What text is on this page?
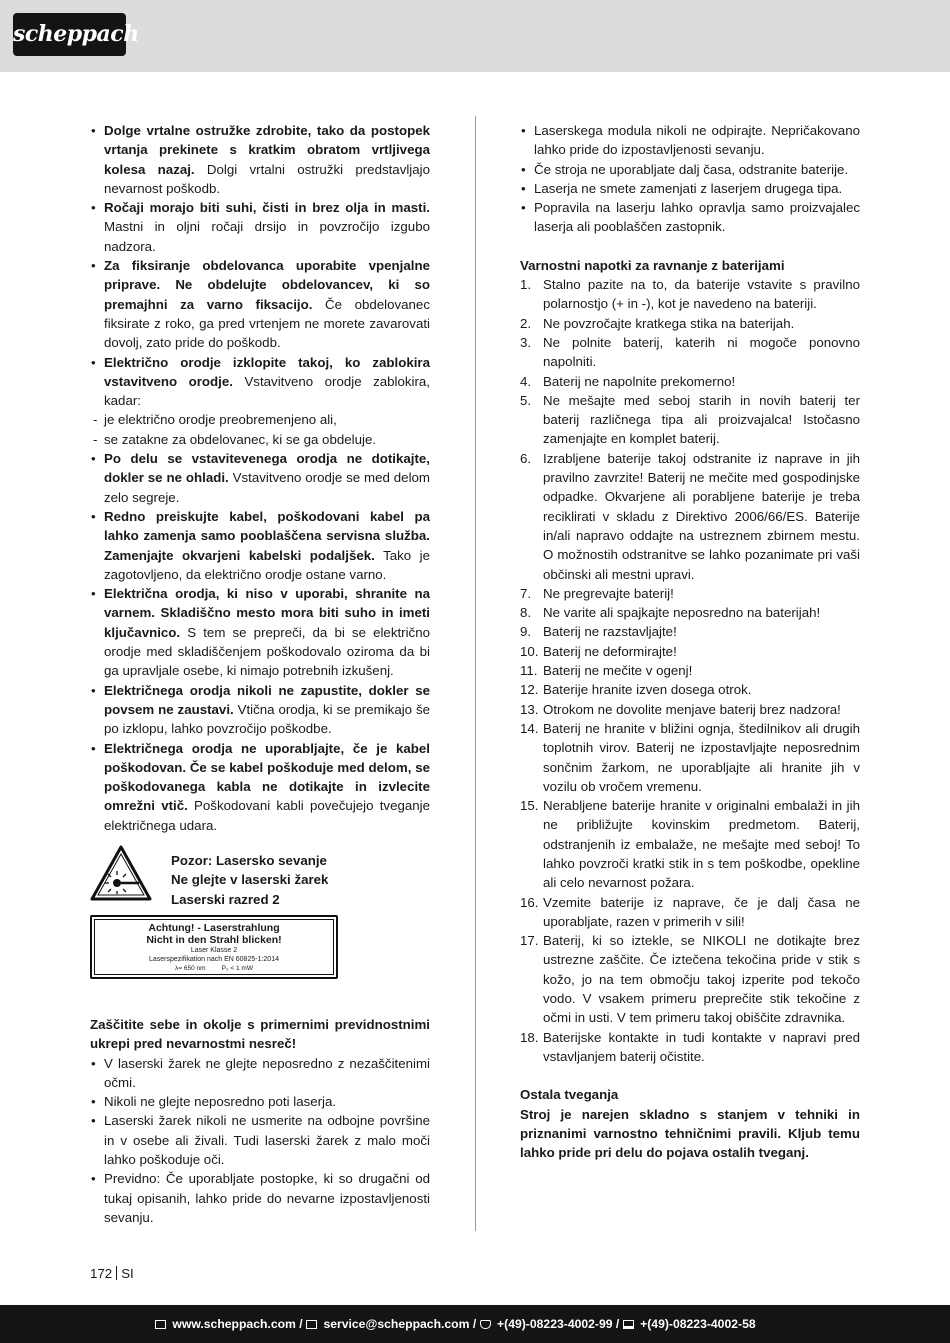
scheppach
• Dolge vrtalne ostružke zdrobite, tako da postopek vrtanja prekinete s kratkim obratom vrtljivega kolesa nazaj. Dolgi vrtalni ostružki predstavljajo nevarnost poškodb.
• Ročaji morajo biti suhi, čisti in brez olja in masti. Mastni in oljni ročaji drsijo in povzročijo izgubo nadzora.
• Za fiksiranje obdelovanca uporabite vpenjalne priprave. Ne obdelujte obdelovancev, ki so premajhni za varno fiksacijo. Če obdelovanec fiksirate z roko, ga pred vrtenjem ne morete zavarovati dovolj, zato pride do poškodb.
• Električno orodje izklopite takoj, ko zablokira vstavitveno orodje. Vstavitveno orodje zablokira, kadar:
- je električno orodje preobremenjeno ali,
- se zatakne za obdelovanec, ki se ga obdeluje.
• Po delu se vstavitevenega orodja ne dotikajte, dokler se ne ohladi. Vstavitveno orodje se med delom zelo segreje.
• Redno preiskujte kabel, poškodovani kabel pa lahko zamenja samo pooblaščena servisna služba. Zamenjajte okvarjeni kabelski podaljšek. Tako je zagotovljeno, da električno orodje ostane varno.
• Električna orodja, ki niso v uporabi, shranite na varnem. Skladiščno mesto mora biti suho in imeti ključavnico. S tem se prepreči, da bi se električno orodje med skladiščenjem poškodovalo oziroma da bi ga upravljale osebe, ki nimajo potrebnih izkušenj.
• Električnega orodja nikoli ne zapustite, dokler se povsem ne zaustavi. Vtična orodja, ki se premikajo še po izklopu, lahko povzročijo poškodbe.
• Električnega orodja ne uporabljajte, če je kabel poškodovan. Če se kabel poškoduje med delom, se poškodovanega kabla ne dotikajte in izvlecite omrežni vtič. Poškodovani kabli povečujejo tveganje električnega udara.
Pozor: Lasersko sevanje
Ne glejte v laserski žarek
Laserski razred 2
Achtung! - Laserstrahlung
Nicht in den Strahl blicken!
Laser Klasse 2
Laserspezifikation nach EN 60825-1:2014
λ= 650 nm P₀ < 1 mW
Zaščitite sebe in okolje s primernimi previdnostnimi ukrepi pred nevarnostmi nesreč!
• V laserski žarek ne glejte neposredno z nezaščitenimi očmi.
• Nikoli ne glejte neposredno poti laserja.
• Laserski žarek nikoli ne usmerite na odbojne površine in v osebe ali živali. Tudi laserski žarek z malo moči lahko poškoduje oči.
• Previdno: Če uporabljate postopke, ki so drugačni od tukaj opisanih, lahko pride do nevarne izpostavljenosti sevanju.
• Laserskega modula nikoli ne odpirajte. Nepričakovano lahko pride do izpostavljenosti sevanju.
• Če stroja ne uporabljate dalj časa, odstranite baterije.
• Laserja ne smete zamenjati z laserjem drugega tipa.
• Popravila na laserju lahko opravlja samo proizvajalec laserja ali pooblaščen zastopnik.
Varnostni napotki za ravnanje z baterijami
1. Stalno pazite na to, da baterije vstavite s pravilno polarnostjo (+ in -), kot je navedeno na bateriji.
2. Ne povzročajte kratkega stika na baterijah.
3. Ne polnite baterij, katerih ni mogoče ponovno napolniti.
4. Baterij ne napolnite prekomerno!
5. Ne mešajte med seboj starih in novih baterij ter baterij različnega tipa ali proizvajalca! Istočasno zamenjajte en komplet baterij.
6. Izrabljene baterije takoj odstranite iz naprave in jih pravilno zavrzite! Baterij ne mečite med gospodinjske odpadke. Okvarjene ali porabljene baterije je treba reciklirati v skladu z Direktivo 2006/66/ES. Baterije in/ali napravo oddajte na ustreznem zbirnem mestu. O možnostih odstranitve se lahko pozanimate pri vaši občinski ali mestni upravi.
7. Ne pregrevajte baterij!
8. Ne varite ali spajkajte neposredno na baterijah!
9. Baterij ne razstavljajte!
10. Baterij ne deformirajte!
11. Baterij ne mečite v ogenj!
12. Baterije hranite izven dosega otrok.
13. Otrokom ne dovolite menjave baterij brez nadzora!
14. Baterij ne hranite v bližini ognja, štedilnikov ali drugih toplotnih virov. Baterij ne izpostavljajte neposrednim sončnim žarkom, ne uporabljajte ali hranite jih v vozilu ob vročem vremenu.
15. Nerabljene baterije hranite v originalni embalaži in jih ne približujte kovinskim predmetom. Baterij, odstranjenih iz embalaže, ne mešajte med seboj! To lahko povzroči kratki stik in s tem poškodbe, opekline ali celo nevarnost požara.
16. Vzemite baterije iz naprave, če je dalj časa ne uporabljate, razen v primerih v sili!
17. Baterij, ki so iztekle, se NIKOLI ne dotikajte brez ustrezne zaščite. Če iztečena tekočina pride v stik s kožo, jo na tem območju takoj izperite pod tekočo vodo. V vsakem primeru preprečite stik tekočine z očmi in usti. V tem primeru takoj obiščite zdravnika.
18. Baterijske kontakte in tudi kontakte v napravi pred vstavljanjem baterij očistite.
Ostala tveganja
Stroj je narejen skladno s stanjem v tehniki in priznanimi varnostno tehničnimi pravili. Kljub temu lahko pride pri delu do pojava ostalih tveganj.
172 SI
www.scheppach.com / service@scheppach.com / +(49)-08223-4002-99 / +(49)-08223-4002-58
